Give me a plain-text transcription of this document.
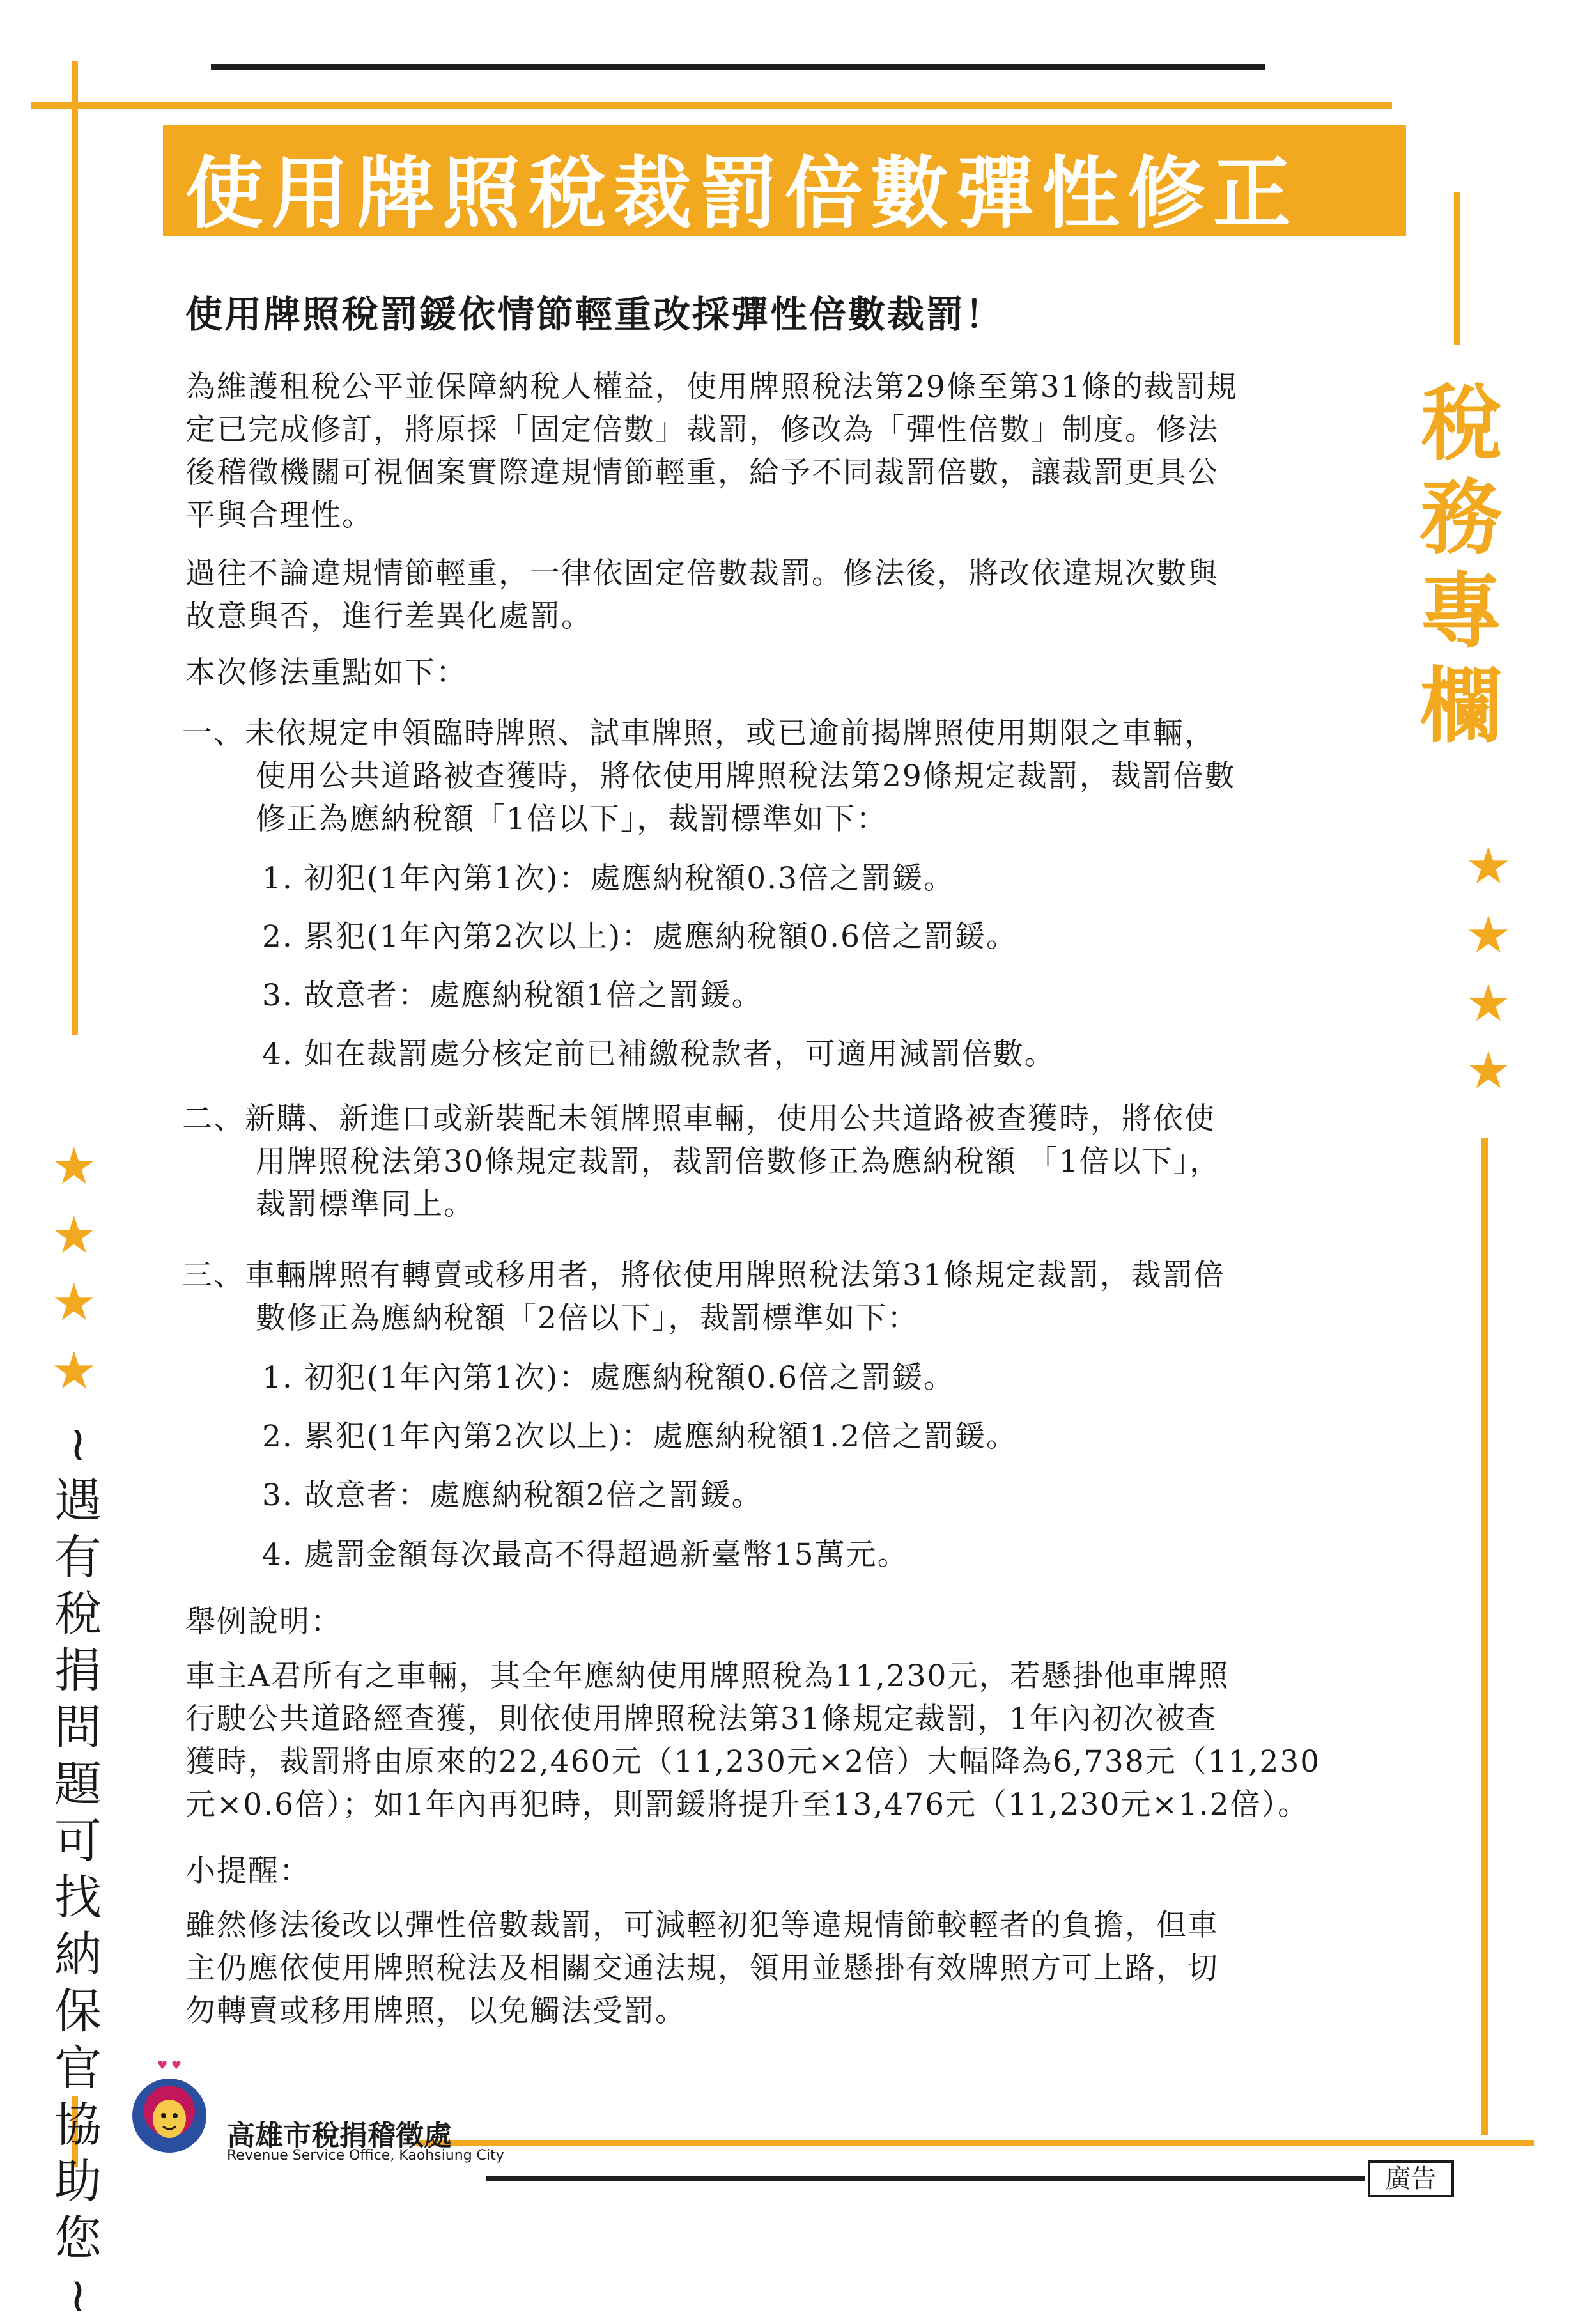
使用牌照稅裁罰倍數彈性修正
使用牌照稅罰鍰依情節輕重改採彈性倍數裁罰！
稅
務
專
欄
★
★
★
★
★
★
★
★
≀
遇
有
稅
捐
問
題
可
找
納
保
官
協
助
您
≀
為維護租稅公平並保障納稅人權益，使用牌照稅法第29條至第31條的裁罰規
定已完成修訂，將原採「固定倍數」裁罰，修改為「彈性倍數」制度。修法
後稽徵機關可視個案實際違規情節輕重，給予不同裁罰倍數，讓裁罰更具公
平與合理性。
過往不論違規情節輕重，一律依固定倍數裁罰。修法後，將改依違規次數與
故意與否，進行差異化處罰。
本次修法重點如下：
一、未依規定申領臨時牌照、試車牌照，或已逾前揭牌照使用期限之車輛，
使用公共道路被查獲時，將依使用牌照稅法第29條規定裁罰，裁罰倍數
修正為應納稅額「1倍以下」，裁罰標準如下：
1. 初犯(1年內第1次)：處應納稅額0.3倍之罰鍰。
2. 累犯(1年內第2次以上)：處應納稅額0.6倍之罰鍰。
3. 故意者：處應納稅額1倍之罰鍰。
4. 如在裁罰處分核定前已補繳稅款者，可適用減罰倍數。
二、新購、新進口或新裝配未領牌照車輛，使用公共道路被查獲時，將依使
用牌照稅法第30條規定裁罰，裁罰倍數修正為應納稅額 「1倍以下」，
裁罰標準同上。
三、車輛牌照有轉賣或移用者，將依使用牌照稅法第31條規定裁罰，裁罰倍
數修正為應納稅額「2倍以下」，裁罰標準如下：
1. 初犯(1年內第1次)：處應納稅額0.6倍之罰鍰。
2. 累犯(1年內第2次以上)：處應納稅額1.2倍之罰鍰。
3. 故意者：處應納稅額2倍之罰鍰。
4. 處罰金額每次最高不得超過新臺幣15萬元。
舉例說明：
車主A君所有之車輛，其全年應納使用牌照稅為11,230元，若懸掛他車牌照
行駛公共道路經查獲，則依使用牌照稅法第31條規定裁罰，1年內初次被查
獲時，裁罰將由原來的22,460元（11,230元×2倍）大幅降為6,738元（11,230
元×0.6倍）；如1年內再犯時，則罰鍰將提升至13,476元（11,230元×1.2倍）。
小提醒：
雖然修法後改以彈性倍數裁罰，可減輕初犯等違規情節較輕者的負擔，但車
主仍應依使用牌照稅法及相關交通法規，領用並懸掛有效牌照方可上路，切
勿轉賣或移用牌照，以免觸法受罰。
♥ ♥
高雄市稅捐稽徵處
Revenue Service Office, Kaohsiung City
廣告
